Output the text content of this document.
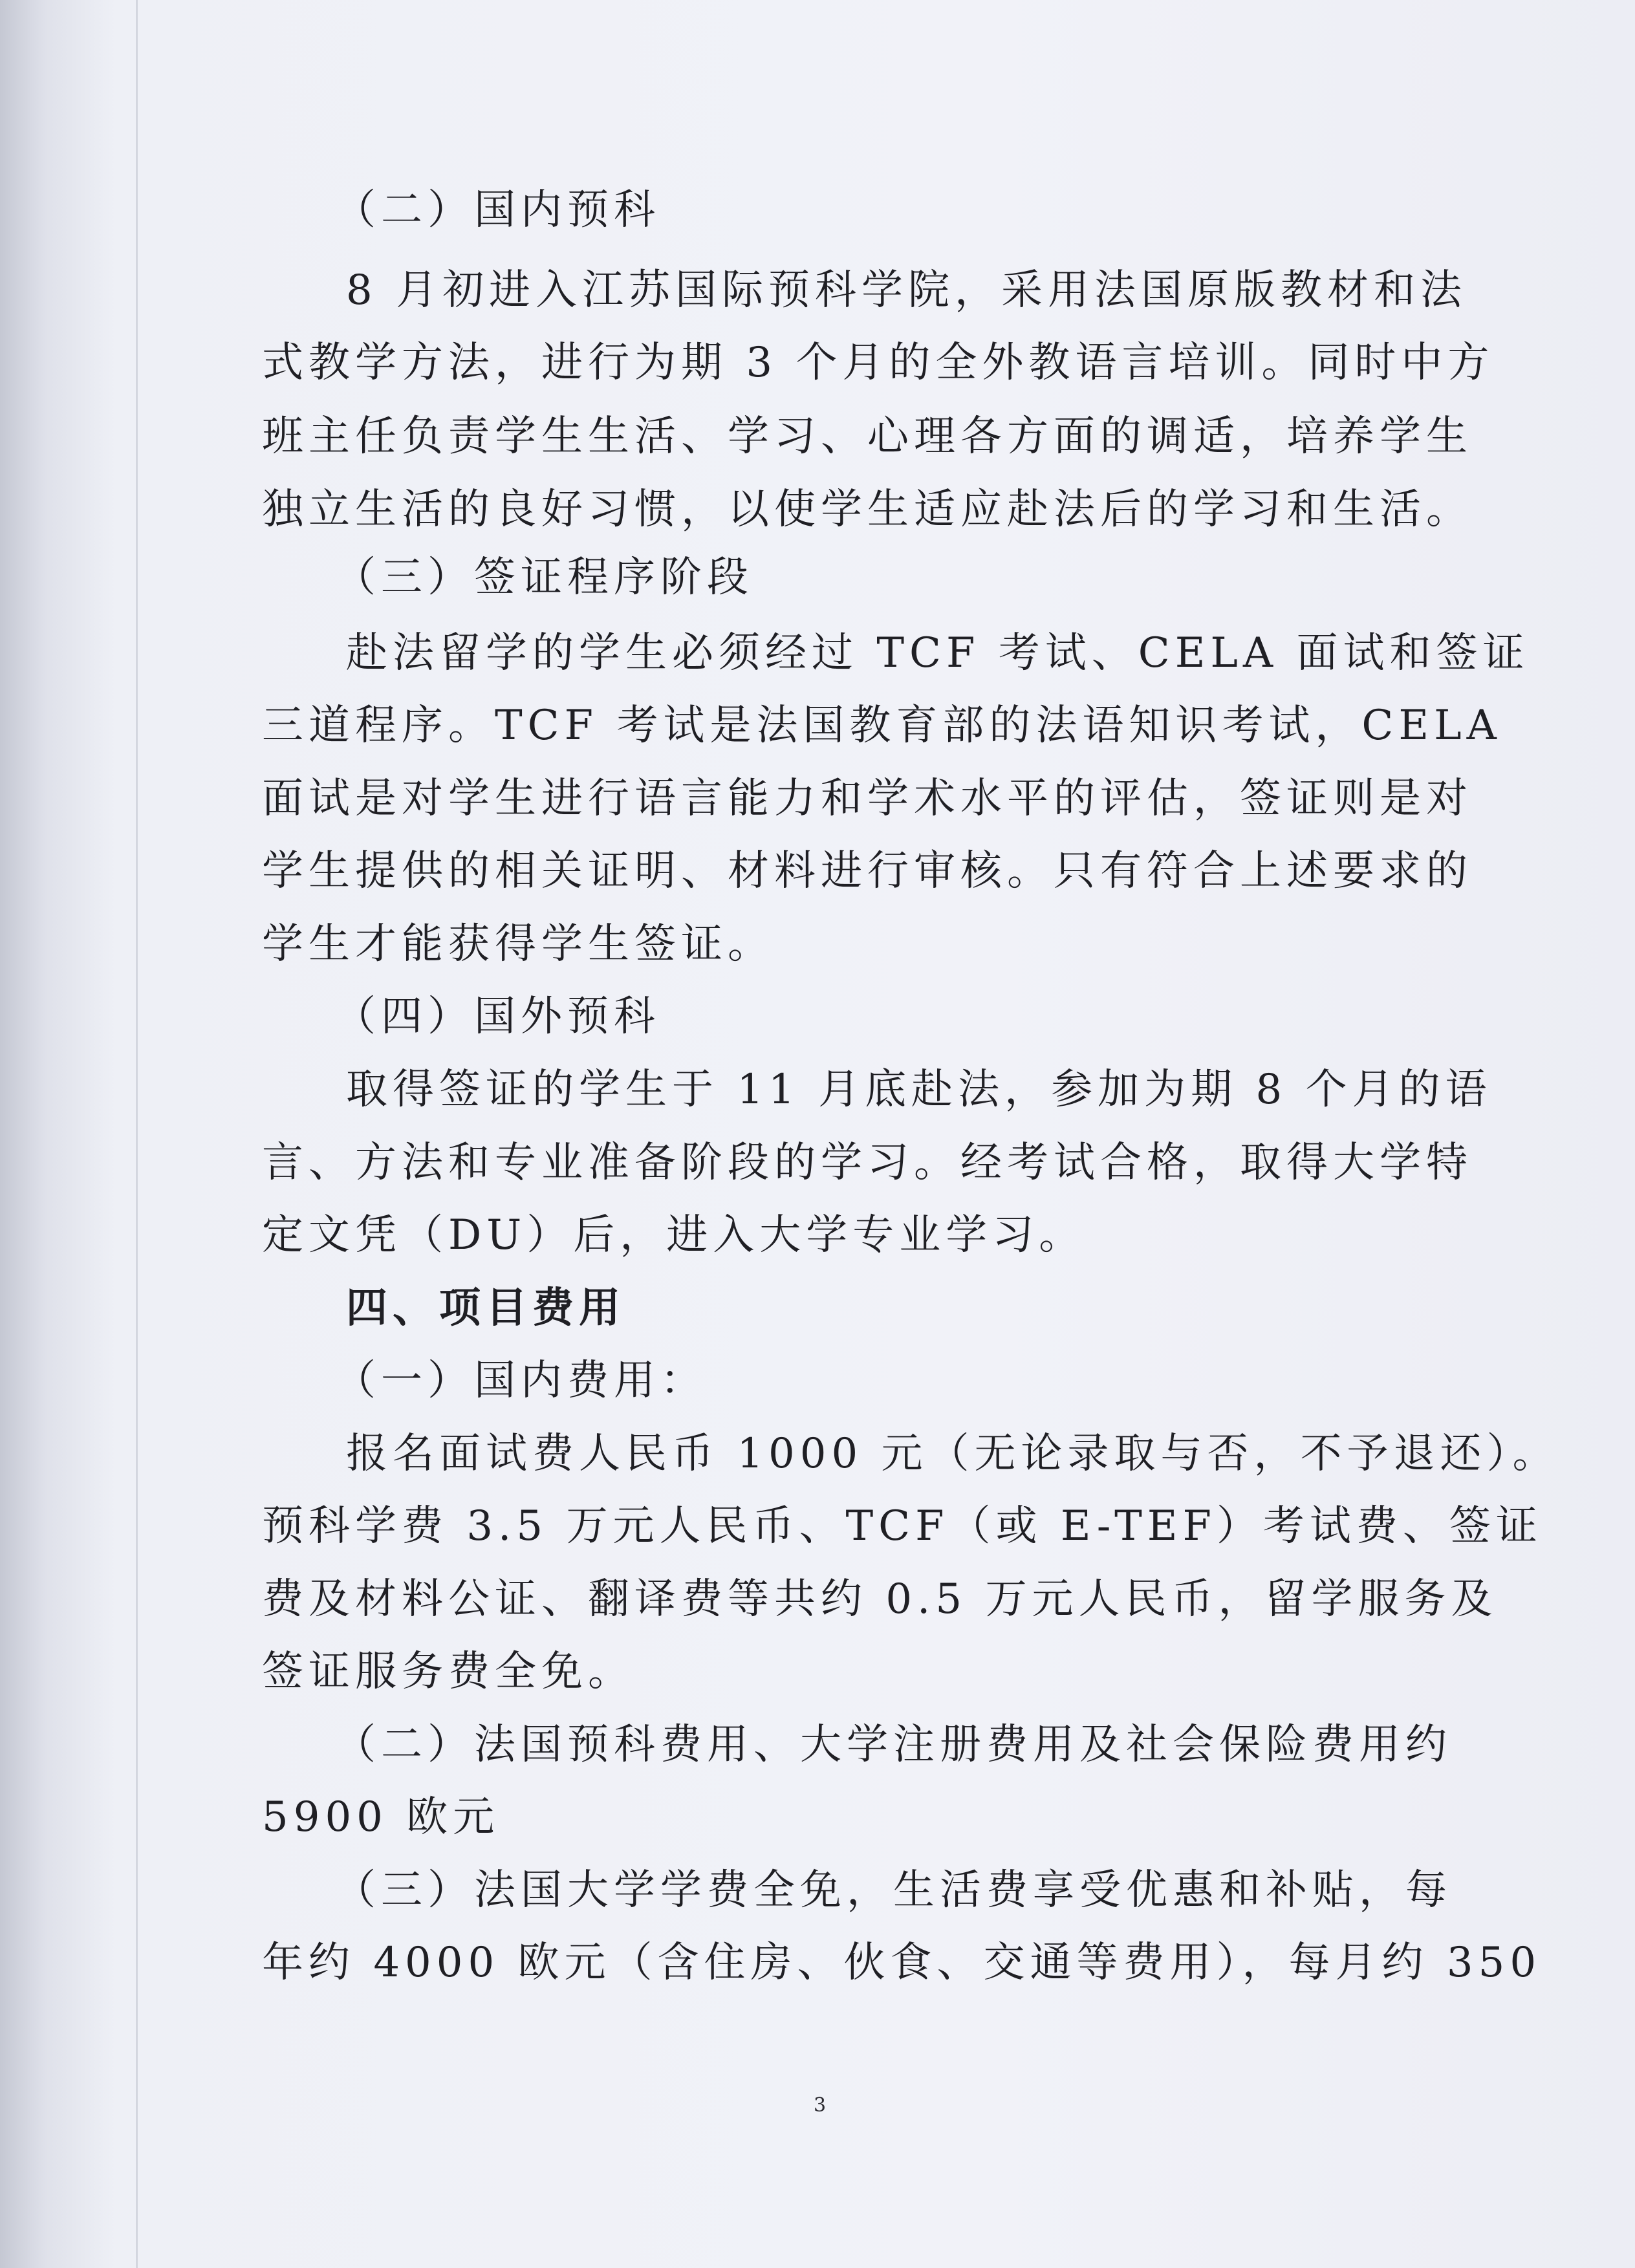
（二）国内预科
8 月初进入江苏国际预科学院，采用法国原版教材和法
式教学方法，进行为期 3 个月的全外教语言培训。同时中方
班主任负责学生生活、学习、心理各方面的调适，培养学生
独立生活的良好习惯，以使学生适应赴法后的学习和生活。
（三）签证程序阶段
赴法留学的学生必须经过 TCF 考试、CELA 面试和签证
三道程序。TCF 考试是法国教育部的法语知识考试，CELA
面试是对学生进行语言能力和学术水平的评估，签证则是对
学生提供的相关证明、材料进行审核。只有符合上述要求的
学生才能获得学生签证。
（四）国外预科
取得签证的学生于 11 月底赴法，参加为期 8 个月的语
言、方法和专业准备阶段的学习。经考试合格，取得大学特
定文凭（DU）后，进入大学专业学习。
四、项目费用
（一）国内费用：
报名面试费人民币 1000 元（无论录取与否，不予退还）。
预科学费 3.5 万元人民币、TCF（或 E-TEF）考试费、签证
费及材料公证、翻译费等共约 0.5 万元人民币，留学服务及
签证服务费全免。
（二）法国预科费用、大学注册费用及社会保险费用约
5900 欧元
（三）法国大学学费全免，生活费享受优惠和补贴，每
年约 4000 欧元（含住房、伙食、交通等费用），每月约 350
3
